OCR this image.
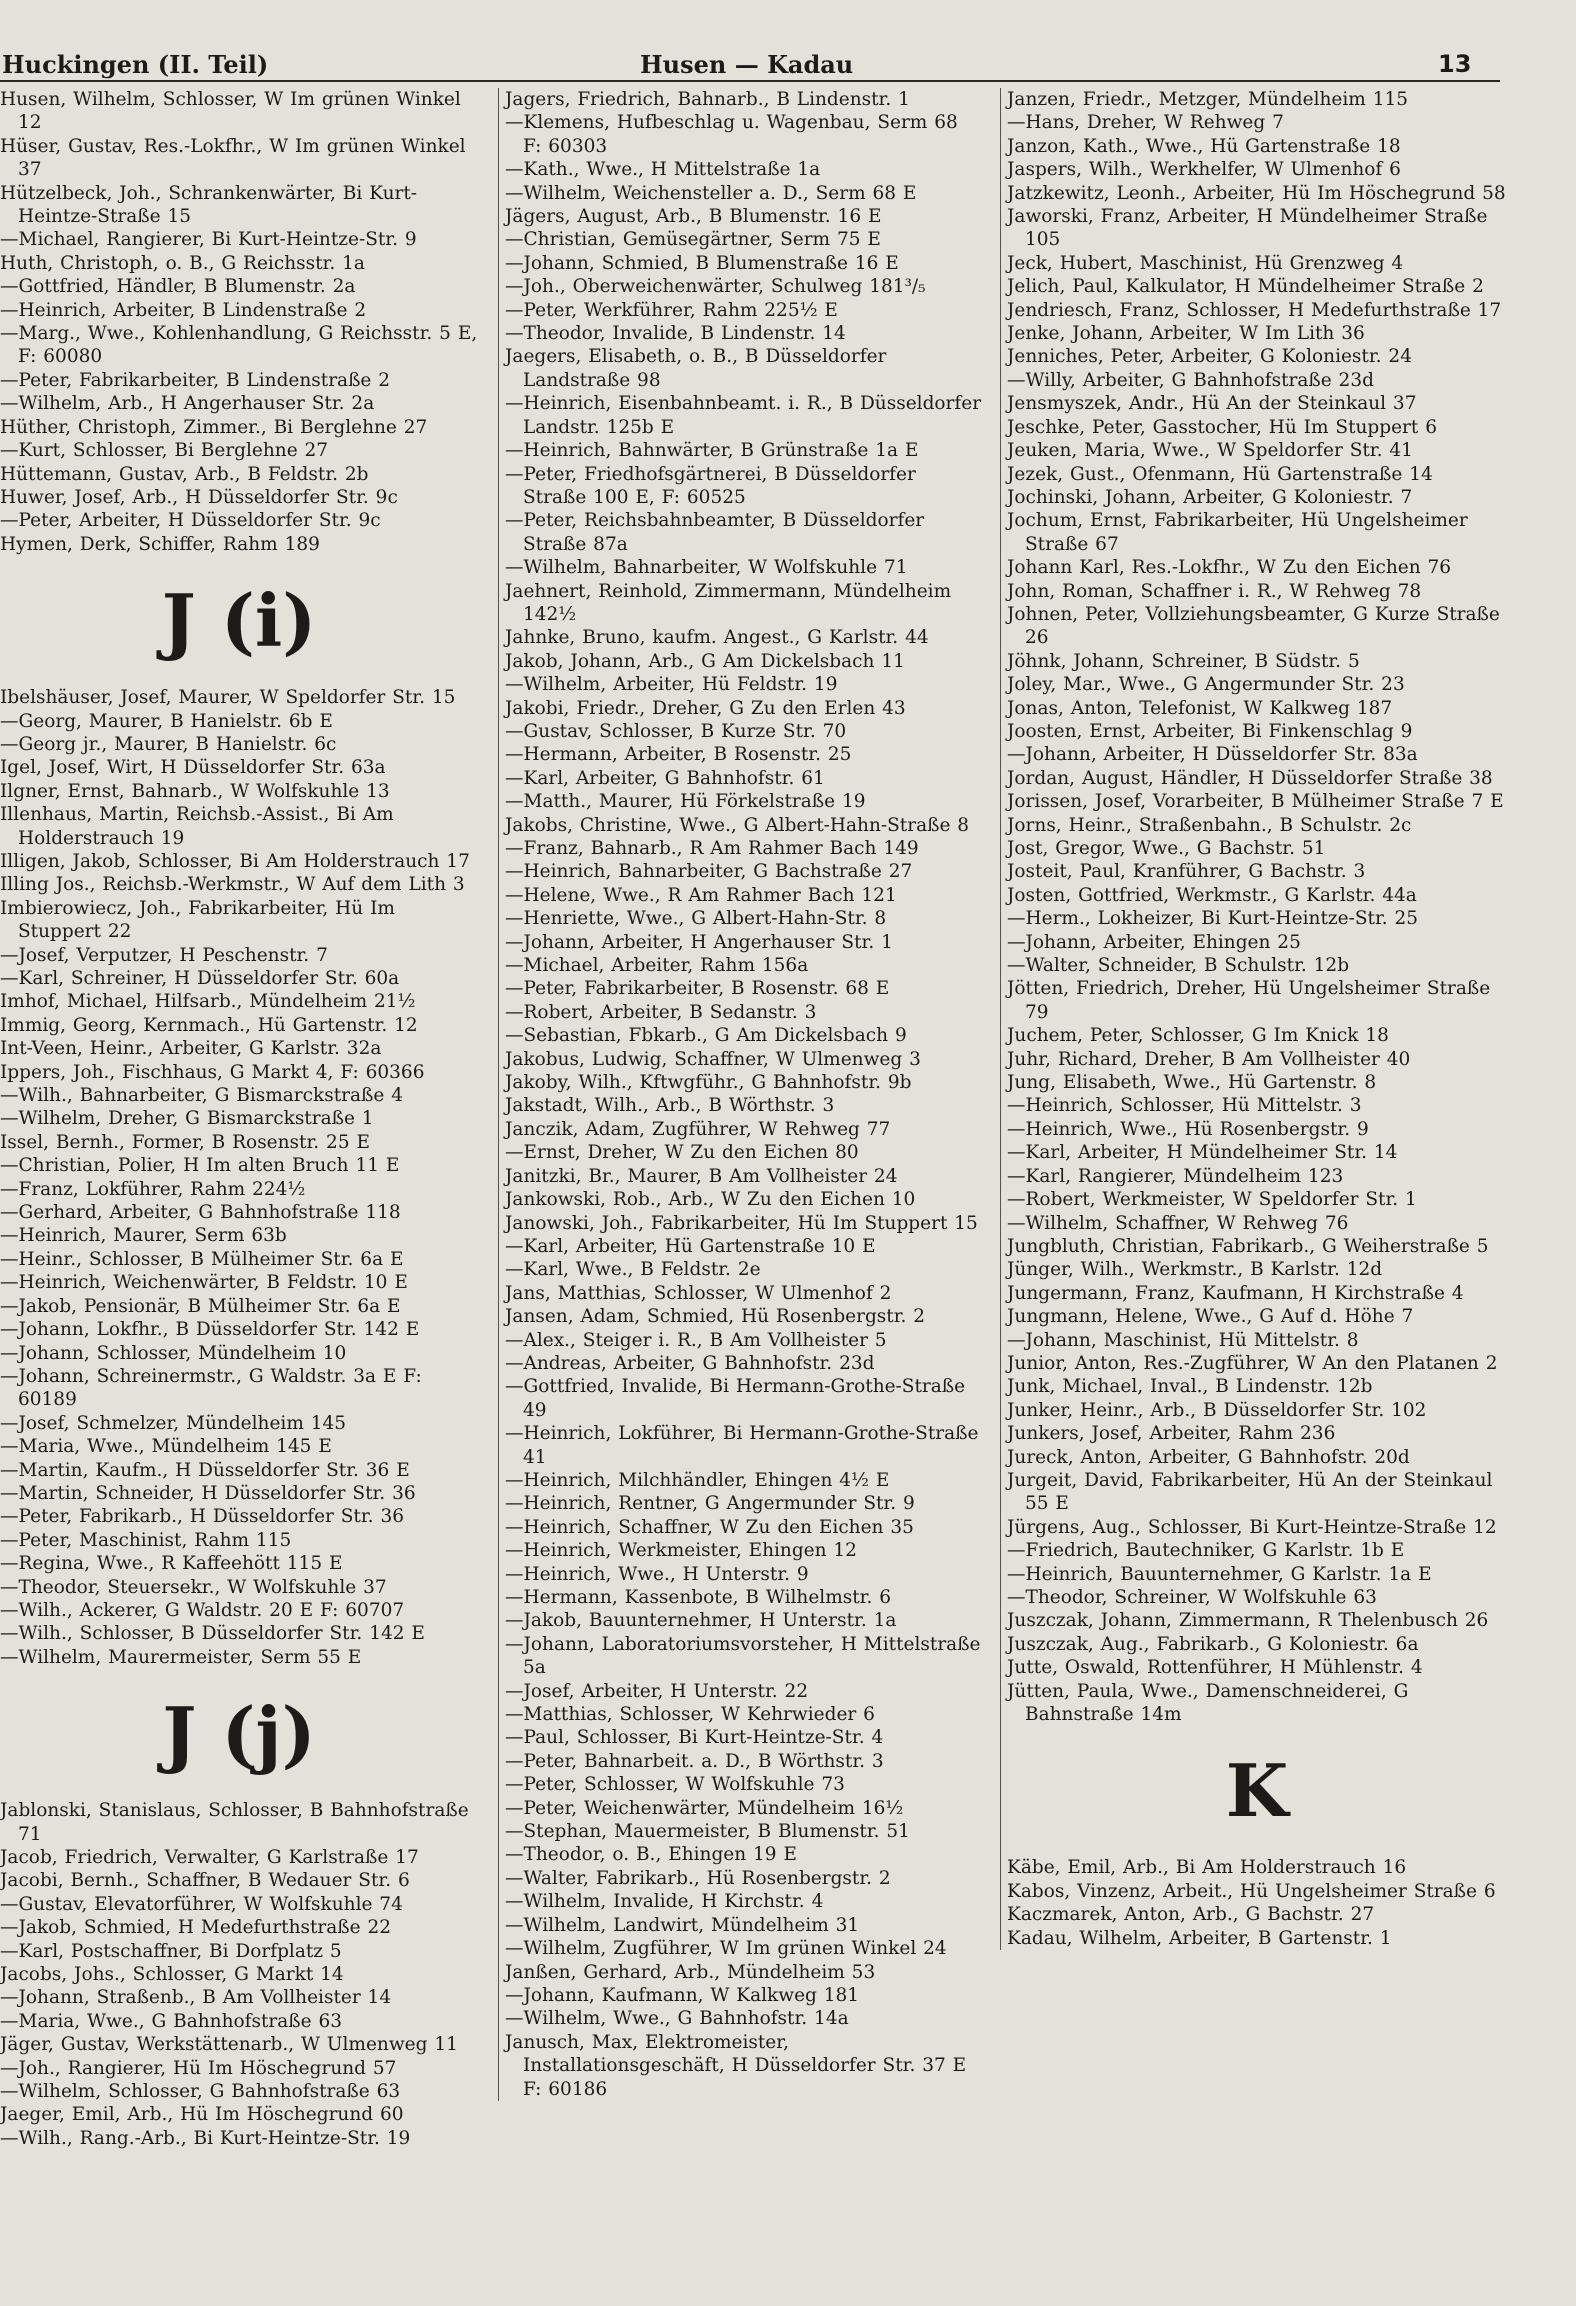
Huckingen (II. Teil)	Husen — Kadau	13

Husen, Wilhelm, Schlosser, W Im grünen Winkel 12

Hüser, Gustav, Res.-Lokfhr., W Im grünen Winkel 37

Hützelbeck, Joh., Schrankenwärter, Bi Kurt-Heintze-Straße 15

—Michael, Rangierer, Bi Kurt-Heintze-Str. 9

Huth, Christoph, o. B., G Reichsstr. 1a

—Gottfried, Händler, B Blumenstr. 2a

—Heinrich, Arbeiter, B Lindenstraße 2

—Marg., Wwe., Kohlenhandlung, G Reichsstr. 5 E, F: 60080

—Peter, Fabrikarbeiter, B Lindenstraße 2

—Wilhelm, Arb., H Angerhauser Str. 2a

Hüther, Christoph, Zimmer., Bi Berglehne 27

—Kurt, Schlosser, Bi Berglehne 27

Hüttemann, Gustav, Arb., B Feldstr. 2b

Huwer, Josef, Arb., H Düsseldorfer Str. 9c

—Peter, Arbeiter, H Düsseldorfer Str. 9c

Hymen, Derk, Schiffer, Rahm 189

J (i)

Ibelshäuser, Josef, Maurer, W Speldorfer Str. 15

—Georg, Maurer, B Hanielstr. 6b E

—Georg jr., Maurer, B Hanielstr. 6c

Igel, Josef, Wirt, H Düsseldorfer Str. 63a

Ilgner, Ernst, Bahnarb., W Wolfskuhle 13

Illenhaus, Martin, Reichsb.-Assist., Bi Am Holderstrauch 19

Illigen, Jakob, Schlosser, Bi Am Holderstrauch 17

Illing Jos., Reichsb.-Werkmstr., W Auf dem Lith 3

Imbierowiecz, Joh., Fabrikarbeiter, Hü Im Stuppert 22

—Josef, Verputzer, H Peschenstr. 7

—Karl, Schreiner, H Düsseldorfer Str. 60a

Imhof, Michael, Hilfsarb., Mündelheim 21½

Immig, Georg, Kernmach., Hü Gartenstr. 12

Int-Veen, Heinr., Arbeiter, G Karlstr. 32a

Ippers, Joh., Fischhaus, G Markt 4, F: 60366

—Wilh., Bahnarbeiter, G Bismarckstraße 4

—Wilhelm, Dreher, G Bismarckstraße 1

Issel, Bernh., Former, B Rosenstr. 25 E

—Christian, Polier, H Im alten Bruch 11 E

—Franz, Lokführer, Rahm 224½

—Gerhard, Arbeiter, G Bahnhofstraße 118

—Heinrich, Maurer, Serm 63b

—Heinr., Schlosser, B Mülheimer Str. 6a E

—Heinrich, Weichenwärter, B Feldstr. 10 E

—Jakob, Pensionär, B Mülheimer Str. 6a E

—Johann, Lokfhr., B Düsseldorfer Str. 142 E

—Johann, Schlosser, Mündelheim 10

—Johann, Schreinermstr., G Waldstr. 3a E F: 60189

—Josef, Schmelzer, Mündelheim 145

—Maria, Wwe., Mündelheim 145 E

—Martin, Kaufm., H Düsseldorfer Str. 36 E

—Martin, Schneider, H Düsseldorfer Str. 36

—Peter, Fabrikarb., H Düsseldorfer Str. 36

—Peter, Maschinist, Rahm 115

—Regina, Wwe., R Kaffeehött 115 E

—Theodor, Steuersekr., W Wolfskuhle 37

—Wilh., Ackerer, G Waldstr. 20 E F: 60707

—Wilh., Schlosser, B Düsseldorfer Str. 142 E

—Wilhelm, Maurermeister, Serm 55 E

J (j)

Jablonski, Stanislaus, Schlosser, B Bahnhofstraße 71

Jacob, Friedrich, Verwalter, G Karlstraße 17

Jacobi, Bernh., Schaffner, B Wedauer Str. 6

—Gustav, Elevatorführer, W Wolfskuhle 74

—Jakob, Schmied, H Medefurthstraße 22

—Karl, Postschaffner, Bi Dorfplatz 5

Jacobs, Johs., Schlosser, G Markt 14

—Johann, Straßenb., B Am Vollheister 14

—Maria, Wwe., G Bahnhofstraße 63

Jäger, Gustav, Werkstättenarb., W Ulmenweg 11

—Joh., Rangierer, Hü Im Höschegrund 57

—Wilhelm, Schlosser, G Bahnhofstraße 63

Jaeger, Emil, Arb., Hü Im Höschegrund 60

—Wilh., Rang.-Arb., Bi Kurt-Heintze-Str. 19

Jagers, Friedrich, Bahnarb., B Lindenstr. 1

—Klemens, Hufbeschlag u. Wagenbau, Serm 68 F: 60303

—Kath., Wwe., H Mittelstraße 1a

—Wilhelm, Weichensteller a. D., Serm 68 E

Jägers, August, Arb., B Blumenstr. 16 E

—Christian, Gemüsegärtner, Serm 75 E

—Johann, Schmied, B Blumenstraße 16 E

—Joh., Oberweichenwärter, Schulweg 181³/₅

—Peter, Werkführer, Rahm 225½ E

—Theodor, Invalide, B Lindenstr. 14

Jaegers, Elisabeth, o. B., B Düsseldorfer Landstraße 98

—Heinrich, Eisenbahnbeamt. i. R., B Düsseldorfer Landstr. 125b E

—Heinrich, Bahnwärter, B Grünstraße 1a E

—Peter, Friedhofsgärtnerei, B Düsseldorfer Straße 100 E, F: 60525

—Peter, Reichsbahnbeamter, B Düsseldorfer Straße 87a

—Wilhelm, Bahnarbeiter, W Wolfskuhle 71

Jaehnert, Reinhold, Zimmermann, Mündelheim 142½

Jahnke, Bruno, kaufm. Angest., G Karlstr. 44

Jakob, Johann, Arb., G Am Dickelsbach 11

—Wilhelm, Arbeiter, Hü Feldstr. 19

Jakobi, Friedr., Dreher, G Zu den Erlen 43

—Gustav, Schlosser, B Kurze Str. 70

—Hermann, Arbeiter, B Rosenstr. 25

—Karl, Arbeiter, G Bahnhofstr. 61

—Matth., Maurer, Hü Förkelstraße 19

Jakobs, Christine, Wwe., G Albert-Hahn-Straße 8

—Franz, Bahnarb., R Am Rahmer Bach 149

—Heinrich, Bahnarbeiter, G Bachstraße 27

—Helene, Wwe., R Am Rahmer Bach 121

—Henriette, Wwe., G Albert-Hahn-Str. 8

—Johann, Arbeiter, H Angerhauser Str. 1

—Michael, Arbeiter, Rahm 156a

—Peter, Fabrikarbeiter, B Rosenstr. 68 E

—Robert, Arbeiter, B Sedanstr. 3

—Sebastian, Fbkarb., G Am Dickelsbach 9

Jakobus, Ludwig, Schaffner, W Ulmenweg 3

Jakoby, Wilh., Kftwgführ., G Bahnhofstr. 9b

Jakstadt, Wilh., Arb., B Wörthstr. 3

Janczik, Adam, Zugführer, W Rehweg 77

—Ernst, Dreher, W Zu den Eichen 80

Janitzki, Br., Maurer, B Am Vollheister 24

Jankowski, Rob., Arb., W Zu den Eichen 10

Janowski, Joh., Fabrikarbeiter, Hü Im Stuppert 15

—Karl, Arbeiter, Hü Gartenstraße 10 E

—Karl, Wwe., B Feldstr. 2e

Jans, Matthias, Schlosser, W Ulmenhof 2

Jansen, Adam, Schmied, Hü Rosenbergstr. 2

—Alex., Steiger i. R., B Am Vollheister 5

—Andreas, Arbeiter, G Bahnhofstr. 23d

—Gottfried, Invalide, Bi Hermann-Grothe-Straße 49

—Heinrich, Lokführer, Bi Hermann-Grothe-Straße 41

—Heinrich, Milchhändler, Ehingen 4½ E

—Heinrich, Rentner, G Angermunder Str. 9

—Heinrich, Schaffner, W Zu den Eichen 35

—Heinrich, Werkmeister, Ehingen 12

—Heinrich, Wwe., H Unterstr. 9

—Hermann, Kassenbote, B Wilhelmstr. 6

—Jakob, Bauunternehmer, H Unterstr. 1a

—Johann, Laboratoriumsvorsteher, H Mittelstraße 5a

—Josef, Arbeiter, H Unterstr. 22

—Matthias, Schlosser, W Kehrwieder 6

—Paul, Schlosser, Bi Kurt-Heintze-Str. 4

—Peter, Bahnarbeit. a. D., B Wörthstr. 3

—Peter, Schlosser, W Wolfskuhle 73

—Peter, Weichenwärter, Mündelheim 16½

—Stephan, Mauermeister, B Blumenstr. 51

—Theodor, o. B., Ehingen 19 E

—Walter, Fabrikarb., Hü Rosenbergstr. 2

—Wilhelm, Invalide, H Kirchstr. 4

—Wilhelm, Landwirt, Mündelheim 31

—Wilhelm, Zugführer, W Im grünen Winkel 24

Janßen, Gerhard, Arb., Mündelheim 53

—Johann, Kaufmann, W Kalkweg 181

—Wilhelm, Wwe., G Bahnhofstr. 14a

Janusch, Max, Elektromeister, Installationsgeschäft, H Düsseldorfer Str. 37 E F: 60186

Janzen, Friedr., Metzger, Mündelheim 115

—Hans, Dreher, W Rehweg 7

Janzon, Kath., Wwe., Hü Gartenstraße 18

Jaspers, Wilh., Werkhelfer, W Ulmenhof 6

Jatzkewitz, Leonh., Arbeiter, Hü Im Höschegrund 58

Jaworski, Franz, Arbeiter, H Mündelheimer Straße 105

Jeck, Hubert, Maschinist, Hü Grenzweg 4

Jelich, Paul, Kalkulator, H Mündelheimer Straße 2

Jendriesch, Franz, Schlosser, H Medefurthstraße 17

Jenke, Johann, Arbeiter, W Im Lith 36

Jenniches, Peter, Arbeiter, G Koloniestr. 24

—Willy, Arbeiter, G Bahnhofstraße 23d

Jensmyszek, Andr., Hü An der Steinkaul 37

Jeschke, Peter, Gasstocher, Hü Im Stuppert 6

Jeuken, Maria, Wwe., W Speldorfer Str. 41

Jezek, Gust., Ofenmann, Hü Gartenstraße 14

Jochinski, Johann, Arbeiter, G Koloniestr. 7

Jochum, Ernst, Fabrikarbeiter, Hü Ungelsheimer Straße 67

Johann Karl, Res.-Lokfhr., W Zu den Eichen 76

John, Roman, Schaffner i. R., W Rehweg 78

Johnen, Peter, Vollziehungsbeamter, G Kurze Straße 26

Jöhnk, Johann, Schreiner, B Südstr. 5

Joley, Mar., Wwe., G Angermunder Str. 23

Jonas, Anton, Telefonist, W Kalkweg 187

Joosten, Ernst, Arbeiter, Bi Finkenschlag 9

—Johann, Arbeiter, H Düsseldorfer Str. 83a

Jordan, August, Händler, H Düsseldorfer Straße 38

Jorissen, Josef, Vorarbeiter, B Mülheimer Straße 7 E

Jorns, Heinr., Straßenbahn., B Schulstr. 2c

Jost, Gregor, Wwe., G Bachstr. 51

Josteit, Paul, Kranführer, G Bachstr. 3

Josten, Gottfried, Werkmstr., G Karlstr. 44a

—Herm., Lokheizer, Bi Kurt-Heintze-Str. 25

—Johann, Arbeiter, Ehingen 25

—Walter, Schneider, B Schulstr. 12b

Jötten, Friedrich, Dreher, Hü Ungelsheimer Straße 79

Juchem, Peter, Schlosser, G Im Knick 18

Juhr, Richard, Dreher, B Am Vollheister 40

Jung, Elisabeth, Wwe., Hü Gartenstr. 8

—Heinrich, Schlosser, Hü Mittelstr. 3

—Heinrich, Wwe., Hü Rosenbergstr. 9

—Karl, Arbeiter, H Mündelheimer Str. 14

—Karl, Rangierer, Mündelheim 123

—Robert, Werkmeister, W Speldorfer Str. 1

—Wilhelm, Schaffner, W Rehweg 76

Jungbluth, Christian, Fabrikarb., G Weiherstraße 5

Jünger, Wilh., Werkmstr., B Karlstr. 12d

Jungermann, Franz, Kaufmann, H Kirchstraße 4

Jungmann, Helene, Wwe., G Auf d. Höhe 7

—Johann, Maschinist, Hü Mittelstr. 8

Junior, Anton, Res.-Zugführer, W An den Platanen 2

Junk, Michael, Inval., B Lindenstr. 12b

Junker, Heinr., Arb., B Düsseldorfer Str. 102

Junkers, Josef, Arbeiter, Rahm 236

Jureck, Anton, Arbeiter, G Bahnhofstr. 20d

Jurgeit, David, Fabrikarbeiter, Hü An der Steinkaul 55 E

Jürgens, Aug., Schlosser, Bi Kurt-Heintze-Straße 12

—Friedrich, Bautechniker, G Karlstr. 1b E

—Heinrich, Bauunternehmer, G Karlstr. 1a E

—Theodor, Schreiner, W Wolfskuhle 63

Juszczak, Johann, Zimmermann, R Thelenbusch 26

Juszczak, Aug., Fabrikarb., G Koloniestr. 6a

Jutte, Oswald, Rottenführer, H Mühlenstr. 4

Jütten, Paula, Wwe., Damenschneiderei, G Bahnstraße 14m

K

Käbe, Emil, Arb., Bi Am Holderstrauch 16

Kabos, Vinzenz, Arbeit., Hü Ungelsheimer Straße 6

Kaczmarek, Anton, Arb., G Bachstr. 27

Kadau, Wilhelm, Arbeiter, B Gartenstr. 1
